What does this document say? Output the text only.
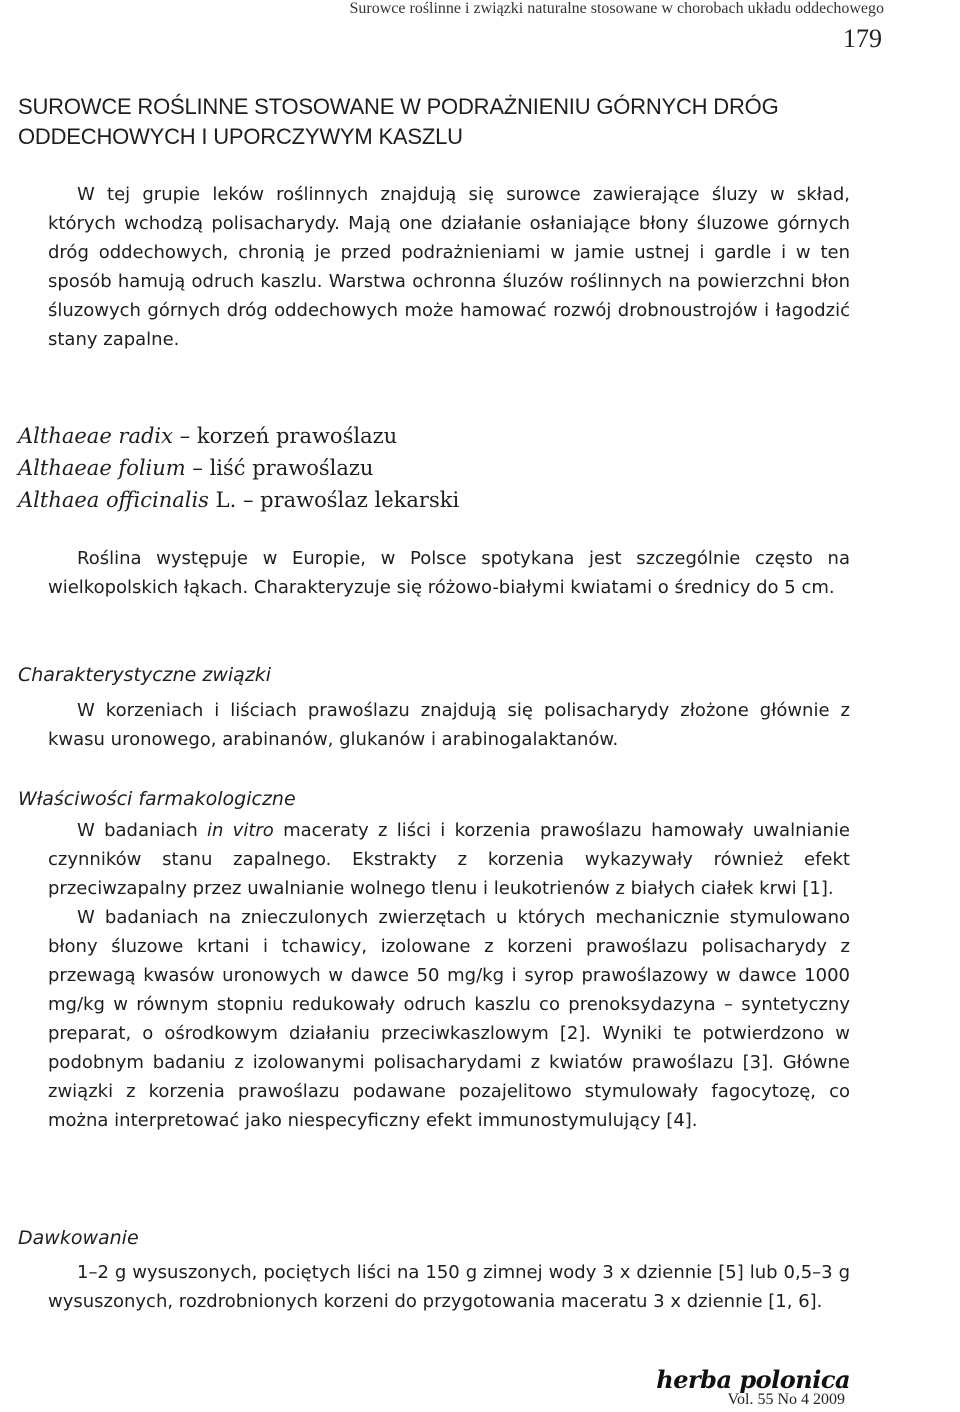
Surowce roślinne i związki naturalne stosowane w chorobach układu oddechowego
179
SUROWCE ROŚLINNE STOSOWANE W PODRAŻNIENIU GÓRNYCH DRÓG
ODDECHOWYCH I UPORCZYWYM KASZLU

W tej grupie leków roślinnych znajdują się surowce zawierające śluzy w skład, których wchodzą polisacharydy. Mają one działanie osłaniające błony śluzowe górnych dróg oddechowych, chronią je przed podrażnieniami w jamie ustnej i gardle i w ten sposób hamują odruch kaszlu. Warstwa ochronna śluzów roślinnych na powierzchni błon śluzowych górnych dróg oddechowych może hamować rozwój drobnoustrojów i łagodzić stany zapalne.

Althaeae radix – korzeń prawoślazu
Althaeae folium – liść prawoślazu
Althaea officinalis L. – prawoślaz lekarski

Roślina występuje w Europie, w Polsce spotykana jest szczególnie często na wielkopolskich łąkach. Charakteryzuje się różowo-białymi kwiatami o średnicy do 5 cm.

Charakterystyczne związki

W korzeniach i liściach prawoślazu znajdują się polisacharydy złożone głównie z kwasu uronowego, arabinanów, glukanów i arabinogalaktanów.

Właściwości farmakologiczne

W badaniach in vitro maceraty z liści i korzenia prawoślazu hamowały uwalnianie czynników stanu zapalnego. Ekstrakty z korzenia wykazywały również efekt przeciwzapalny przez uwalnianie wolnego tlenu i leukotrienów z białych ciałek krwi [1].

W badaniach na znieczulonych zwierzętach u których mechanicznie stymulowano błony śluzowe krtani i tchawicy, izolowane z korzeni prawoślazu polisacharydy z przewagą kwasów uronowych w dawce 50 mg/kg i syrop prawoślazowy w dawce 1000 mg/kg w równym stopniu redukowały odruch kaszlu co prenoksydazyna – syntetyczny preparat, o ośrodkowym działaniu przeciwkaszlowym [2]. Wyniki te potwierdzono w podobnym badaniu z izolowanymi polisacharydami z kwiatów prawoślazu [3]. Główne związki z korzenia prawoślazu podawane pozajelitowo stymulowały fagocytozę, co można interpretować jako niespecyficzny efekt immunostymulujący [4].

Dawkowanie

1–2 g wysuszonych, pociętych liści na 150 g zimnej wody 3 x dziennie [5] lub 0,5–3 g wysuszonych, rozdrobnionych korzeni do przygotowania maceratu 3 x dziennie [1, 6].

herba polonica
Vol. 55 No 4 2009
